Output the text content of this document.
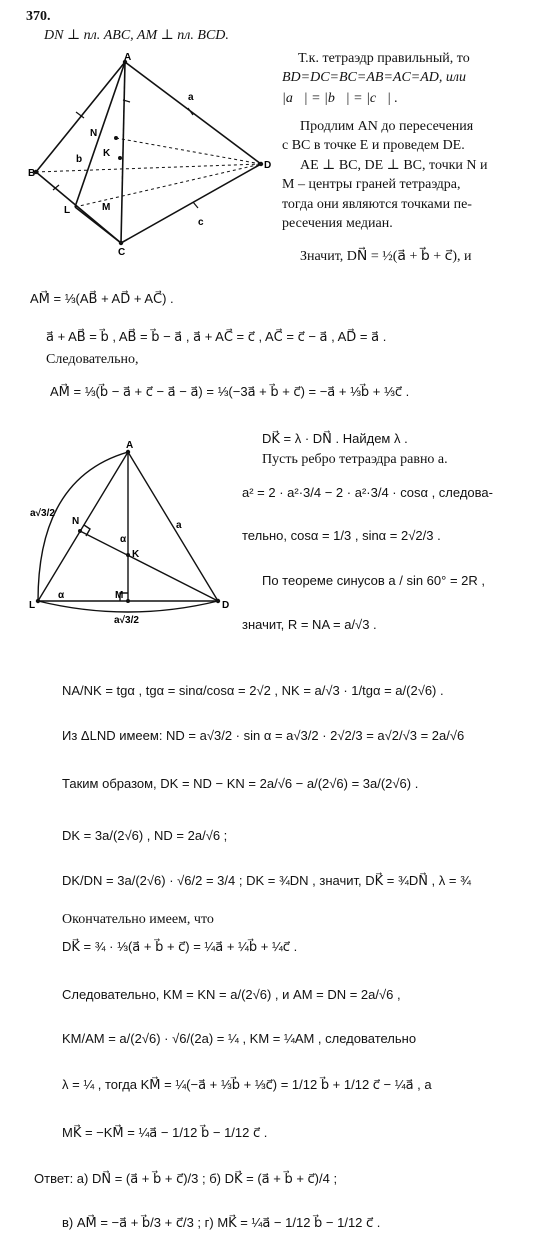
370.
DN ⊥ пл. ABC, AM ⊥ пл. BCD.
A
B
C
D
N
K
M
L
a
b
c
Т.к. тетраэдр правильный, то
BD=DC=BC=AB=AC=AD, или
|a⃗| = |b⃗| = |c⃗| .
Продлим AN до пересечения
с BC в точке E и проведем DE.
AE ⊥ BC, DE ⊥ BC, точки N и
M – центры граней тетраэдра,
тогда они являются точками пе-
ресечения медиан.
Значит, DN⃗ = ½(a⃗ + b⃗ + c⃗), и
AM⃗ = ⅓(AB⃗ + AD⃗ + AC⃗) .
a⃗ + AB⃗ = b⃗ , AB⃗ = b⃗ − a⃗ , a⃗ + AC⃗ = c⃗ , AC⃗ = c⃗ − a⃗ , AD⃗ = a⃗ .
Следовательно,
AM⃗ = ⅓(b⃗ − a⃗ + c⃗ − a⃗ − a⃗) = ⅓(−3a⃗ + b⃗ + c⃗) = −a⃗ + ⅓b⃗ + ⅓c⃗ .
A
L	D
N
K
M
a
α
α
a√3/2
a√3/2
DK⃗ = λ · DN⃗ . Найдем λ .
Пусть ребро тетраэдра равно a.
a² = 2 · a²·3/4 − 2 · a²·3/4 · cosα , следова-
тельно, cosα = 1/3 , sinα = 2√2/3 .
По теореме синусов a / sin 60° = 2R ,
значит, R = NA = a/√3 .
NA/NK = tgα , tgα = sinα/cosα = 2√2 , NK = a/√3 · 1/tgα = a/(2√6) .
Из ΔLND имеем: ND = a√3/2 · sin α = a√3/2 · 2√2/3 = a√2/√3 = 2a/√6
Таким образом, DK = ND − KN = 2a/√6 − a/(2√6) = 3a/(2√6) .
DK = 3a/(2√6) , ND = 2a/√6 ;
DK/DN = 3a/(2√6) · √6/2 = 3/4 ; DK = ¾DN , значит, DK⃗ = ¾DN⃗ , λ = ¾
Окончательно имеем, что
DK⃗ = ¾ · ⅓(a⃗ + b⃗ + c⃗) = ¼a⃗ + ¼b⃗ + ¼c⃗ .
Следовательно, KM = KN = a/(2√6) , и AM = DN = 2a/√6 ,
KM/AM = a/(2√6) · √6/(2a) = ¼ , KM = ¼AM , следовательно
λ = ¼ , тогда KM⃗ = ¼(−a⃗ + ⅓b⃗ + ⅓c⃗) = 1/12 b⃗ + 1/12 c⃗ − ¼a⃗ , а
MK⃗ = −KM⃗ = ¼a⃗ − 1/12 b⃗ − 1/12 c⃗ .
Ответ: а) DN⃗ = (a⃗ + b⃗ + c⃗)/3 ; б) DK⃗ = (a⃗ + b⃗ + c⃗)/4 ;
в) AM⃗ = −a⃗ + b⃗/3 + c⃗/3 ; г) MK⃗ = ¼a⃗ − 1/12 b⃗ − 1/12 c⃗ .
